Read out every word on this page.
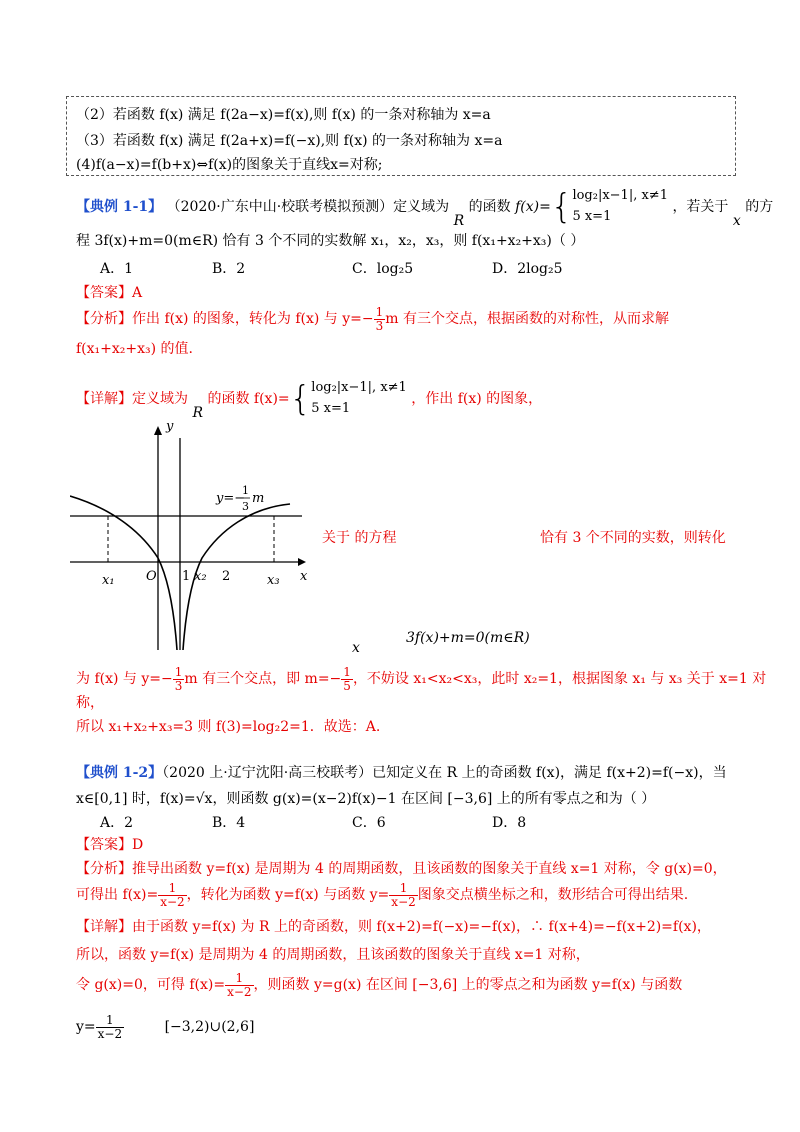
（2）若函数 f(x) 满足 f(2a−x)=f(x),则 f(x) 的一条对称轴为 x=a
（3）若函数 f(x) 满足 f(2a+x)=f(−x),则 f(x) 的一条对称轴为 x=a
(4)f(a−x)=f(b+x)⇔f(x)的图象关于直线x=对称;
【典例 1-1】 （2020·广东中山·校联考模拟预测）定义域为 R 的函数 f(x)={ log₂|x−1|, x≠1
5 x=1
，若关于 x 的方
程 3f(x)+m=0(m∈R) 恰有 3 个不同的实数解 x₁，x₂，x₃，则 f(x₁+x₂+x₃)（ ）
A．1	B．2	C．log₂5	D．2log₂5
【答案】A
【分析】作出 f(x) 的图象，转化为 f(x) 与 $y=- \frac{1}{3}$ m 有三个交点，根据函数的对称性，从而求解
f(x₁+x₂+x₃) 的值.
【详解】定义域为 R 的函数 f(x)={ log₂|x−1|, x≠1
5 x=1
，作出 f(x) 的图象，
y
x
O 1 2
x₁	x₂	x₃
y=−
1
3
m
关于 的方程	恰有 3 个不同的实数，则转化
x
3f(x)+m=0(m∈R)
为 f(x) 与 $y=- \frac{1}{3}$ m 有三个交点，即 $m=- \frac{1}{5}$ ，不妨设 x₁<x₂<x₃，此时 x₂=1，根据图象 x₁ 与 x₃ 关于 x=1 对
称，
所以 x₁+x₂+x₃=3 则 f(3)=log₂2=1．故选：A.
【典例 1-2】（2020 上·辽宁沈阳·高三校联考）已知定义在 R 上的奇函数 f(x)，满足 f(x+2)=f(−x)，当
x∈[0,1] 时，f(x)=√x，则函数 g(x)=(x−2)f(x)−1 在区间 [−3,6] 上的所有零点之和为（ ）
A．2	B．4	C．6	D．8
【答案】D
【分析】推导出函数 y=f(x) 是周期为 4 的周期函数，且该函数的图象关于直线 x=1 对称，令 g(x)=0，
可得出 $f(x)= \frac{1}{x-2}$ ，转化为函数 y=f(x) 与函数 $y= \frac{1}{x-2}$ 图象交点横坐标之和，数形结合可得出结果.
【详解】由于函数 y=f(x) 为 R 上的奇函数，则 f(x+2)=f(−x)=−f(x)，∴ f(x+4)=−f(x+2)=f(x)，
所以，函数 y=f(x) 是周期为 4 的周期函数，且该函数的图象关于直线 x=1 对称，
令 g(x)=0，可得 $f(x)= \frac{1}{x-2}$ ，则函数 y=g(x) 在区间 [−3,6] 上的零点之和为函数 y=f(x) 与函数
$y= \frac{1}{x-2}$	[−3,2)∪(2,6]
